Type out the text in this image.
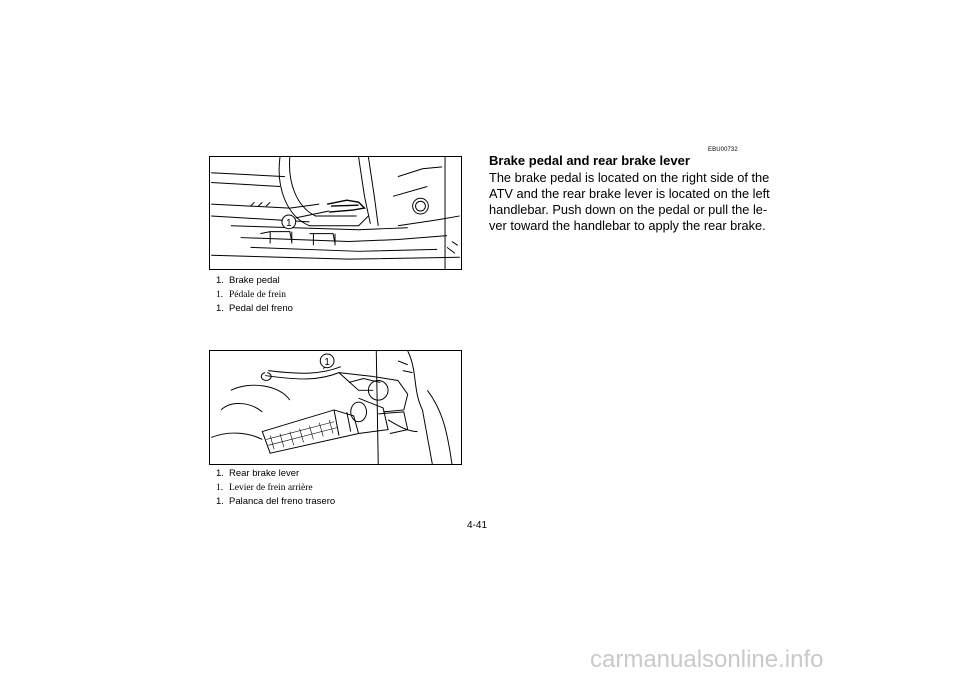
1
1. Brake pedal
1. Pédale de frein
1. Pedal del freno
1
1. Rear brake lever
1. Levier de frein arrière
1. Palanca del freno trasero
EBU00732
Brake pedal and rear brake lever

The brake pedal is located on the right side of the

ATV and the rear brake lever is located on the left

handlebar. Push down on the pedal or pull the le-

ver toward the handlebar to apply the rear brake.

4-41
carmanualsonline.info
